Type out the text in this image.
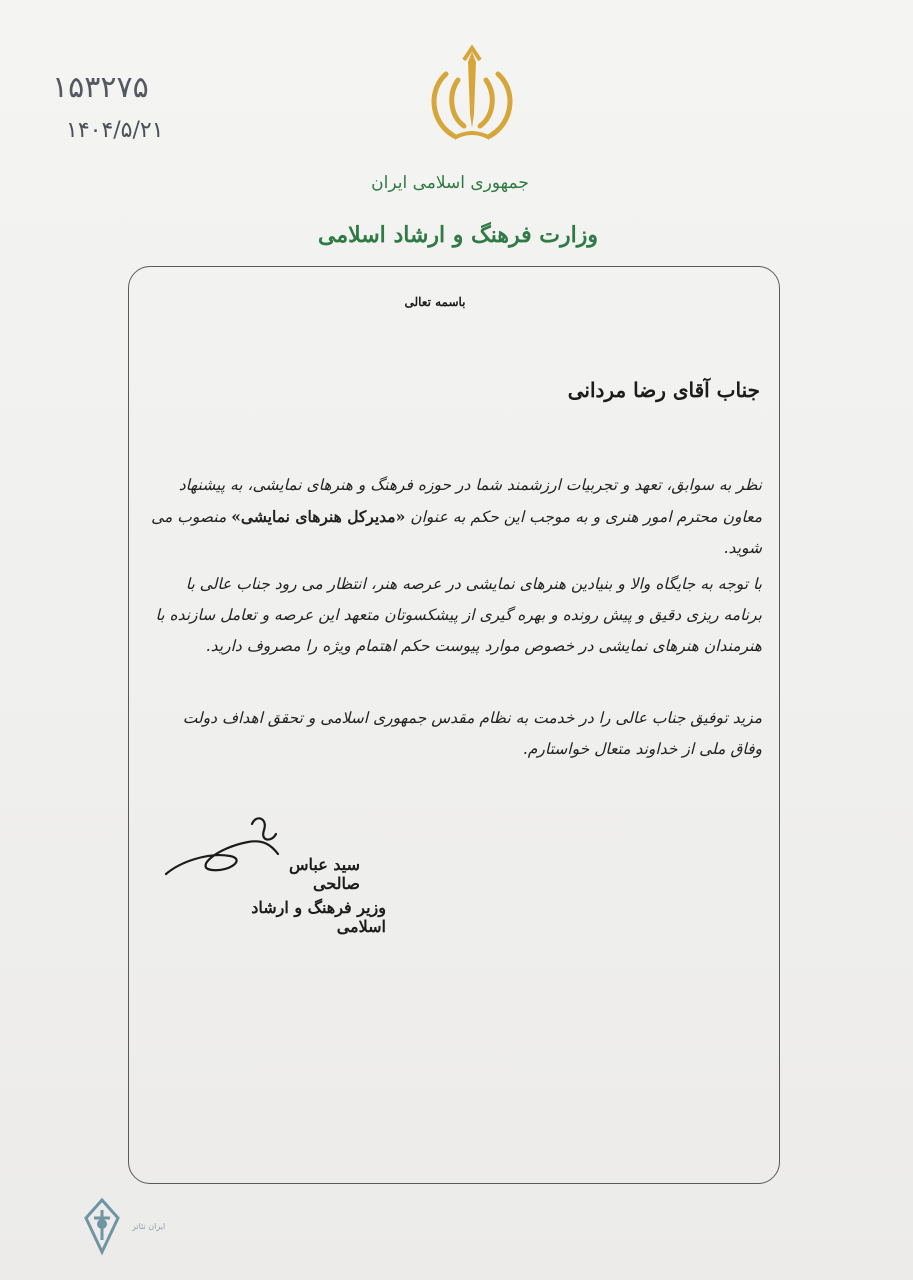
۱۵۳۲۷۵
۱۴۰۴/۵/۲۱
جمهوری اسلامی ایران
وزارت فرهنگ و ارشاد اسلامی
باسمه تعالی
جناب آقای رضا مردانی
نظر به سوابق، تعهد و تجربیات ارزشمند شما در حوزه فرهنگ و هنرهای نمایشی، به پیشنهاد معاون محترم امور هنری و به موجب این حکم به عنوان «مدیرکل هنرهای نمایشی» منصوب می شوید.
با توجه به جایگاه والا و بنیادین هنرهای نمایشی در عرصه هنر، انتظار می رود جناب عالی با برنامه ریزی دقیق و پیش رونده و بهره گیری از پیشکسوتان متعهد این عرصه و تعامل سازنده با هنرمندان هنرهای نمایشی در خصوص موارد پیوست حکم اهتمام ویژه را مصروف دارید.
مزید توفیق جناب عالی را در خدمت به نظام مقدس جمهوری اسلامی و تحقق اهداف دولت وفاق ملی از خداوند متعال خواستارم.
سید عباس صالحی
وزیر فرهنگ و ارشاد اسلامی
ایران تئاتر
